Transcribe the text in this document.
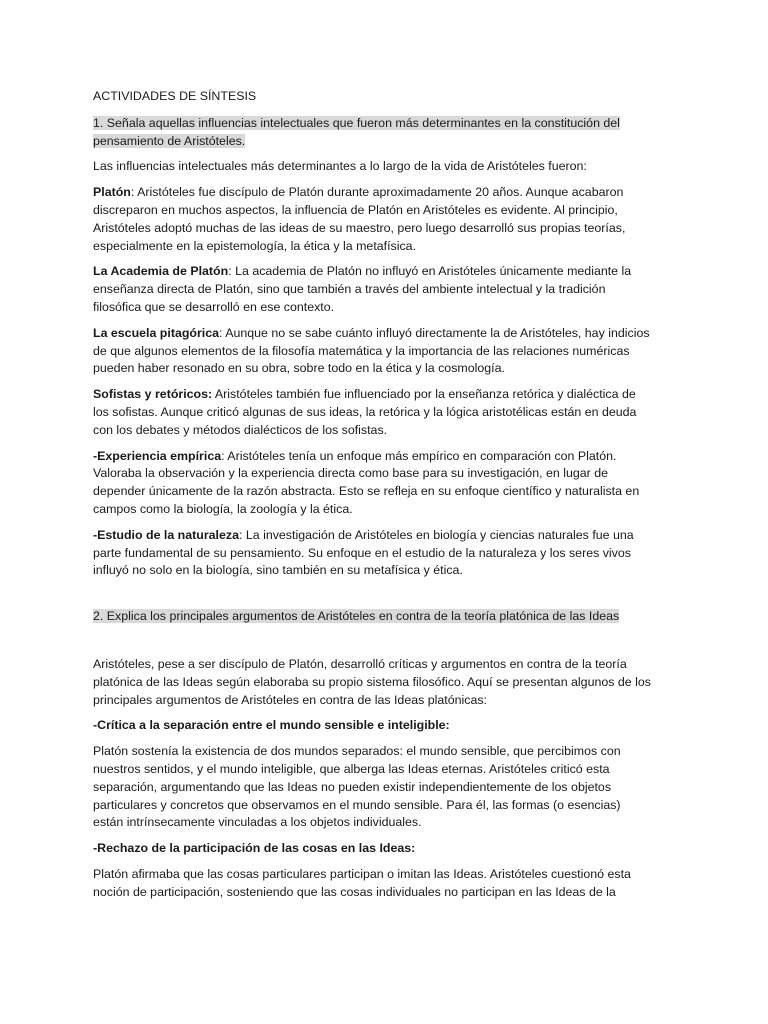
ACTIVIDADES DE SÍNTESIS
1. Señala aquellas influencias intelectuales que fueron más determinantes en la constitución del pensamiento de Aristóteles.

Las influencias intelectuales más determinantes a lo largo de la vida de Aristóteles fueron:

Platón: Aristóteles fue discípulo de Platón durante aproximadamente 20 años. Aunque acabaron discreparon en muchos aspectos, la influencia de Platón en Aristóteles es evidente. Al principio, Aristóteles adoptó muchas de las ideas de su maestro, pero luego desarrolló sus propias teorías, especialmente en la epistemología, la ética y la metafísica.

La Academia de Platón: La academia de Platón no influyó en Aristóteles únicamente mediante la enseñanza directa de Platón, sino que también a través del ambiente intelectual y la tradición filosófica que se desarrolló en ese contexto.

La escuela pitagórica: Aunque no se sabe cuánto influyó directamente la de Aristóteles, hay indicios de que algunos elementos de la filosofía matemática y la importancia de las relaciones numéricas pueden haber resonado en su obra, sobre todo en la ética y la cosmología.

Sofistas y retóricos: Aristóteles también fue influenciado por la enseñanza retórica y dialéctica de los sofistas. Aunque criticó algunas de sus ideas, la retórica y la lógica aristotélicas están en deuda con los debates y métodos dialécticos de los sofistas.

-Experiencia empírica: Aristóteles tenía un enfoque más empírico en comparación con Platón. Valoraba la observación y la experiencia directa como base para su investigación, en lugar de depender únicamente de la razón abstracta. Esto se refleja en su enfoque científico y naturalista en campos como la biología, la zoología y la ética.

-Estudio de la naturaleza: La investigación de Aristóteles en biología y ciencias naturales fue una parte fundamental de su pensamiento. Su enfoque en el estudio de la naturaleza y los seres vivos influyó no solo en la biología, sino también en su metafísica y ética.

2. Explica los principales argumentos de Aristóteles en contra de la teoría platónica de las Ideas

Aristóteles, pese a ser discípulo de Platón, desarrolló críticas y argumentos en contra de la teoría platónica de las Ideas según elaboraba su propio sistema filosófico. Aquí se presentan algunos de los principales argumentos de Aristóteles en contra de las Ideas platónicas:

-Crítica a la separación entre el mundo sensible e inteligible:

Platón sostenía la existencia de dos mundos separados: el mundo sensible, que percibimos con nuestros sentidos, y el mundo inteligible, que alberga las Ideas eternas. Aristóteles criticó esta separación, argumentando que las Ideas no pueden existir independientemente de los objetos particulares y concretos que observamos en el mundo sensible. Para él, las formas (o esencias) están intrínsecamente vinculadas a los objetos individuales.

-Rechazo de la participación de las cosas en las Ideas:

Platón afirmaba que las cosas particulares participan o imitan las Ideas. Aristóteles cuestionó esta noción de participación, sosteniendo que las cosas individuales no participan en las Ideas de la
